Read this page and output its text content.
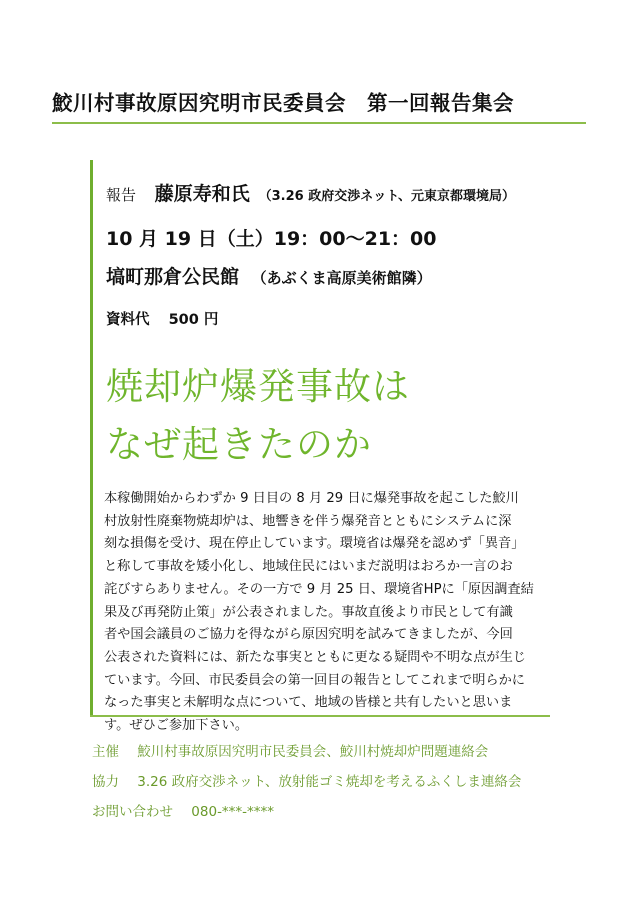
鮫川村事故原因究明市民委員会　第一回報告集会
報告 藤原寿和氏 （3.26 政府交渉ネット、元東京都環境局）
10 月 19 日（土）19：00～21：00
塙町那倉公民館 （あぶくま高原美術館隣）
資料代 500 円
焼却炉爆発事故は
なぜ起きたのか
本稼働開始からわずか 9 日目の 8 月 29 日に爆発事故を起こした鮫川
村放射性廃棄物焼却炉は、地響きを伴う爆発音とともにシステムに深
刻な損傷を受け、現在停止しています。環境省は爆発を認めず「異音」
と称して事故を矮小化し、地域住民にはいまだ説明はおろか一言のお
詫びすらありません。その一方で 9 月 25 日、環境省HPに「原因調査結
果及び再発防止策」が公表されました。事故直後より市民として有識
者や国会議員のご協力を得ながら原因究明を試みてきましたが、今回
公表された資料には、新たな事実とともに更なる疑問や不明な点が生じ
ています。今回、市民委員会の第一回目の報告としてこれまで明らかに
なった事実と未解明な点について、地域の皆様と共有したいと思いま
す。ぜひご参加下さい。
主催 鮫川村事故原因究明市民委員会、鮫川村焼却炉問題連絡会
協力 3.26 政府交渉ネット、放射能ゴミ焼却を考えるふくしま連絡会
お問い合わせ 080-***-****
